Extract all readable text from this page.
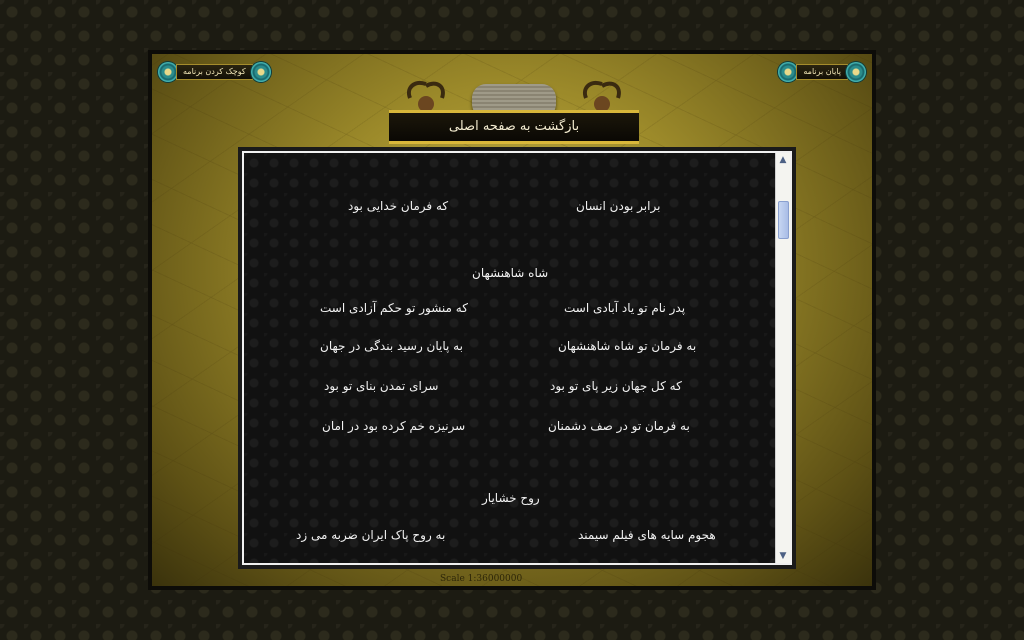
کوچک کردن برنامه	پایان برنامه
بازگشت به صفحه اصلی
برابر بودن انسان
که فرمان خدایی بود
شاه شاهنشهان
پدر نام تو یاد آبادی است
که منشور تو حکم آزادی است
به فرمان تو شاه شاهنشهان
به پایان رسید بندگی در جهان
که کل جهان زیر پای تو بود
سرای تمدن بنای تو بود
به فرمان تو در صف دشمنان
سرنیزه خم کرده بود در امان
روح خشایار
هجوم سایه های فیلم سیمند
به روح پاک ایران ضربه می زد
▲
▼
Scale 1:36000000
